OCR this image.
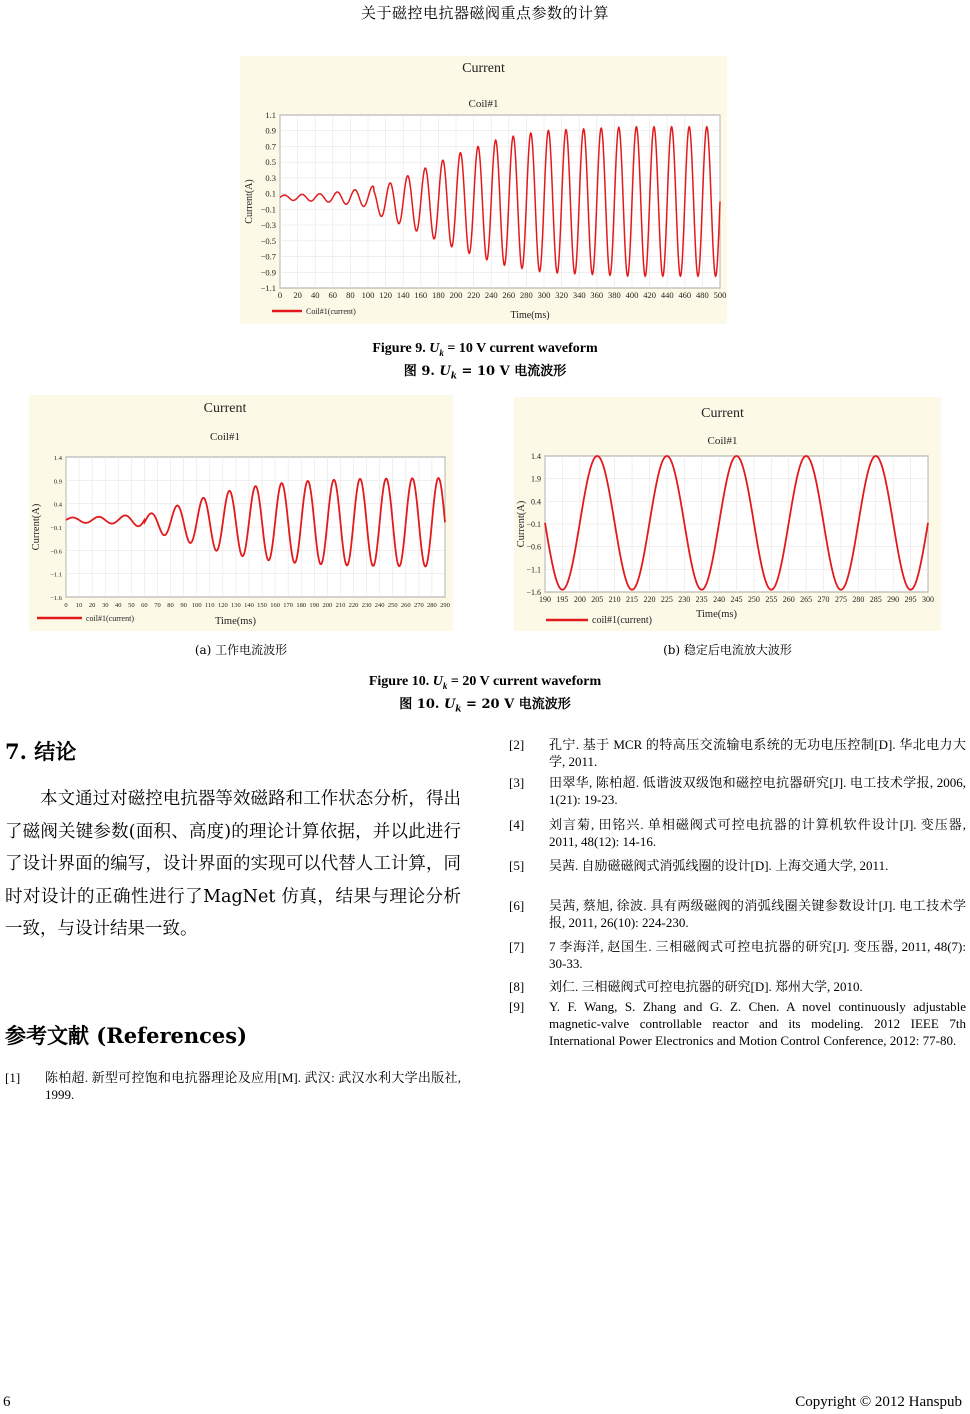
关于磁控电抗器磁阀重点参数的计算
Current
Coil#1
1.1
0.9
0.7
0.5
0.3
0.1
−0.1
−0.3
−0.5
−0.7
−0.9
−1.1
0 20 40 60 80 100 120 140 160 180 200 220 240 260 280 300 320 340 360 380 400 420 440 460 480 500
Time(ms)
Current(A)
Coil#1(current)
Figure 9. $U_k = 10$ V current waveform
图 9. $U_k = 10$ V 电流波形
Current
Coil#1
1.4
0.9
0.4
−0.1
−0.6
−1.1
−1.6
0 10 20 30 40 50 60 70 80 90 100 110 120 130 140 150 160 170 180 190 200 210 220 230 240 250 260 270 280 290
Time(ms)
Current(A)
coil#1(current)
Current
Coil#1
1.4
1.9
0.4
−0.1
−0.6
−1.1
−1.6
190 195 200 205 210 215 220 225 230 235 240 245 250 255 260 265 270 275 280 285 290 295 300
Time(ms)
Current(A)
coil#1(current)
(a) 工作电流波形	(b) 稳定后电流放大波形
Figure 10. $U_k = 20$ V current waveform
图 10. $U_k = 20$ V 电流波形
7. 结论
本文通过对磁控电抗器等效磁路和工作状态分析，得出了磁阀关键参数(面积、高度)的理论计算依据，并以此进行了设计界面的编写，设计界面的实现可以代替人工计算，同时对设计的正确性进行了MagNet 仿真，结果与理论分析一致，与设计结果一致。
参考文献 (References)
[1] 陈柏超. 新型可控饱和电抗器理论及应用[M]. 武汉: 武汉水利大学出版社, 1999.
[2] 孔宁. 基于 MCR 的特高压交流输电系统的无功电压控制[D]. 华北电力大学, 2011.
[3] 田翠华, 陈柏超. 低谐波双级饱和磁控电抗器研究[J]. 电工技术学报, 2006, 1(21): 19-23.
[4] 刘言菊, 田铭兴. 单相磁阀式可控电抗器的计算机软件设计[J]. 变压器, 2011, 48(12): 14-16.
[5] 吴茜. 自励磁磁阀式消弧线圈的设计[D]. 上海交通大学, 2011.
[6] 吴茜, 蔡旭, 徐波. 具有两级磁阀的消弧线圈关键参数设计[J]. 电工技术学报, 2011, 26(10): 224-230.
[7] 7 李海洋, 赵国生. 三相磁阀式可控电抗器的研究[J]. 变压器, 2011, 48(7): 30-33.
[8] 刘仁. 三相磁阀式可控电抗器的研究[D]. 郑州大学, 2010.
[9] Y. F. Wang, S. Zhang and G. Z. Chen. A novel continuously adjustable magnetic-valve controllable reactor and its modeling. 2012 IEEE 7th International Power Electronics and Motion Control Conference, 2012: 77-80.
6	Copyright © 2012 Hanspub
